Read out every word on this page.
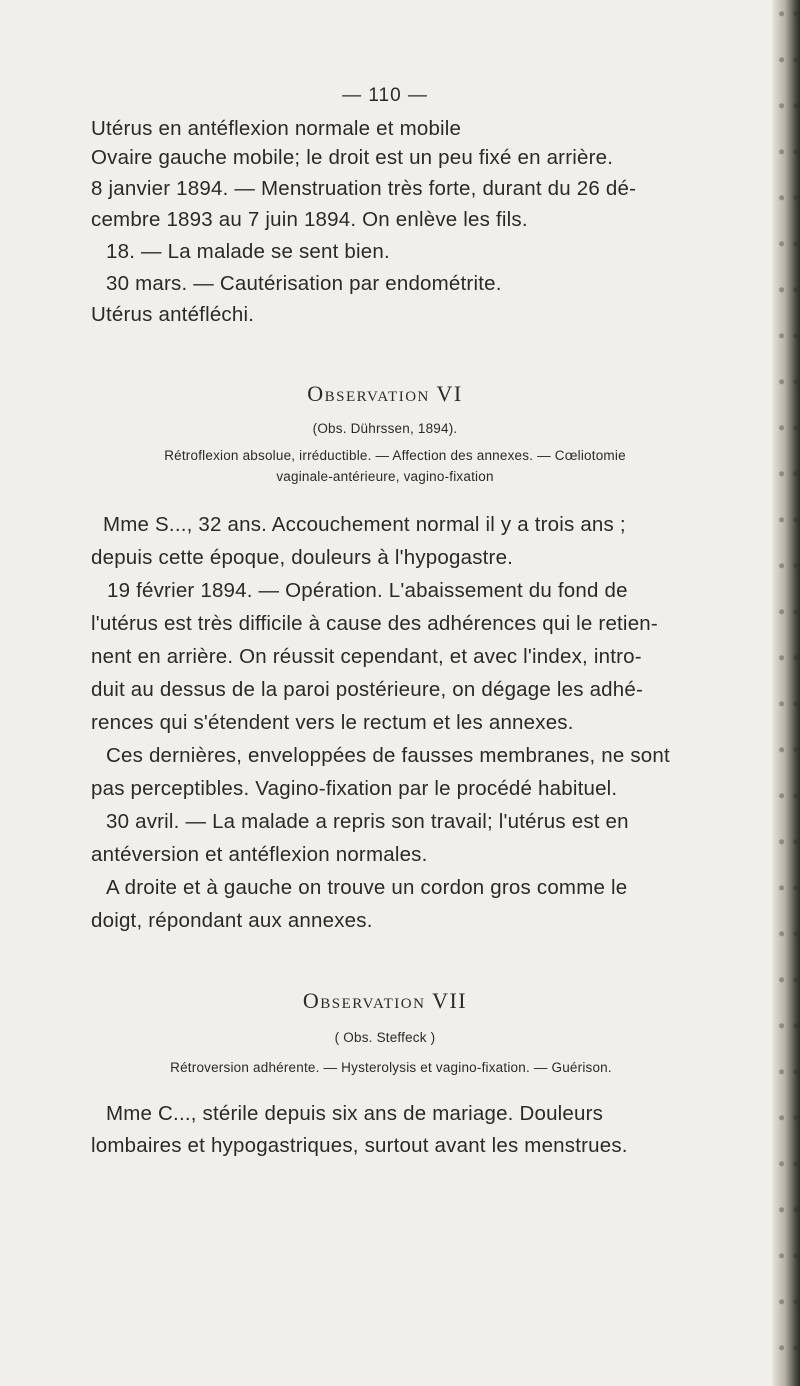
— 110 —
Utérus en antéflexion normale et mobile
Ovaire gauche mobile; le droit est un peu fixé en arrière.
8 janvier 1894. — Menstruation très forte, durant du 26 dé-
cembre 1893 au 7 juin 1894. On enlève les fils.
18. — La malade se sent bien.
30 mars. — Cautérisation par endométrite.
Utérus antéfléchi.
Observation VI
(Obs. Dührssen, 1894).
Rétroflexion absolue, irréductible. — Affection des annexes. — Cœliotomie
vaginale-antérieure, vagino-fixation
Mme S..., 32 ans. Accouchement normal il y a trois ans ;
depuis cette époque, douleurs à l'hypogastre.
19 février 1894. — Opération. L'abaissement du fond de
l'utérus est très difficile à cause des adhérences qui le retien-
nent en arrière. On réussit cependant, et avec l'index, intro-
duit au dessus de la paroi postérieure, on dégage les adhé-
rences qui s'étendent vers le rectum et les annexes.
Ces dernières, enveloppées de fausses membranes, ne sont
pas perceptibles. Vagino-fixation par le procédé habituel.
30 avril. — La malade a repris son travail; l'utérus est en
antéversion et antéflexion normales.
A droite et à gauche on trouve un cordon gros comme le
doigt, répondant aux annexes.
Observation VII
( Obs. Steffeck )
Rétroversion adhérente. — Hysterolysis et vagino-fixation. — Guérison.
Mme C..., stérile depuis six ans de mariage. Douleurs
lombaires et hypogastriques, surtout avant les menstrues.
